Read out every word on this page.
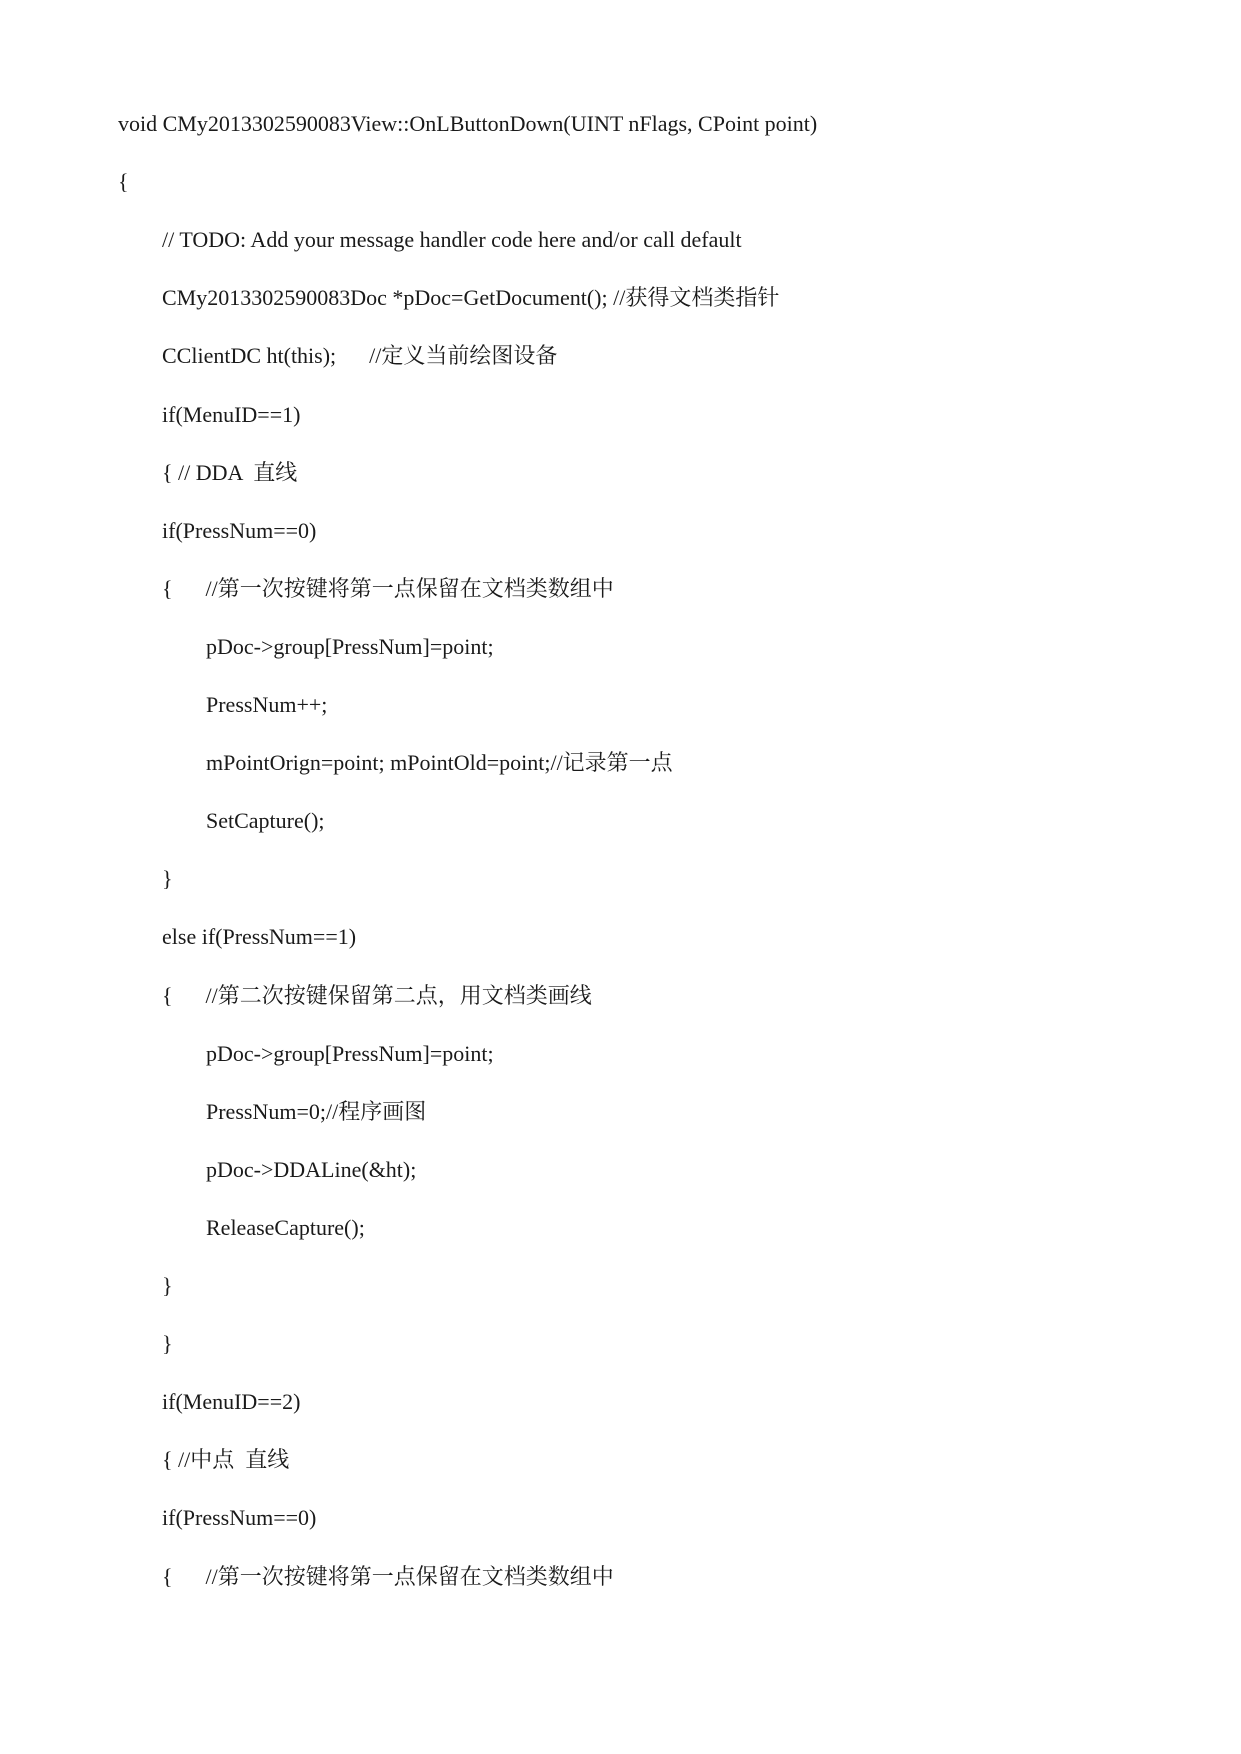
void CMy2013302590083View::OnLButtonDown(UINT nFlags, CPoint point)
{
// TODO: Add your message handler code here and/or call default
CMy2013302590083Doc *pDoc=GetDocument(); //获得文档类指针
CClientDC ht(this);      //定义当前绘图设备
if(MenuID==1)
{ // DDA  直线
if(PressNum==0)
{      //第一次按键将第一点保留在文档类数组中
pDoc->group[PressNum]=point;
PressNum++;
mPointOrign=point; mPointOld=point;//记录第一点
SetCapture();
}
else if(PressNum==1)
{      //第二次按键保留第二点，用文档类画线
pDoc->group[PressNum]=point;
PressNum=0;//程序画图
pDoc->DDALine(&ht);
ReleaseCapture();
}
}
if(MenuID==2)
{ //中点  直线
if(PressNum==0)
{      //第一次按键将第一点保留在文档类数组中
